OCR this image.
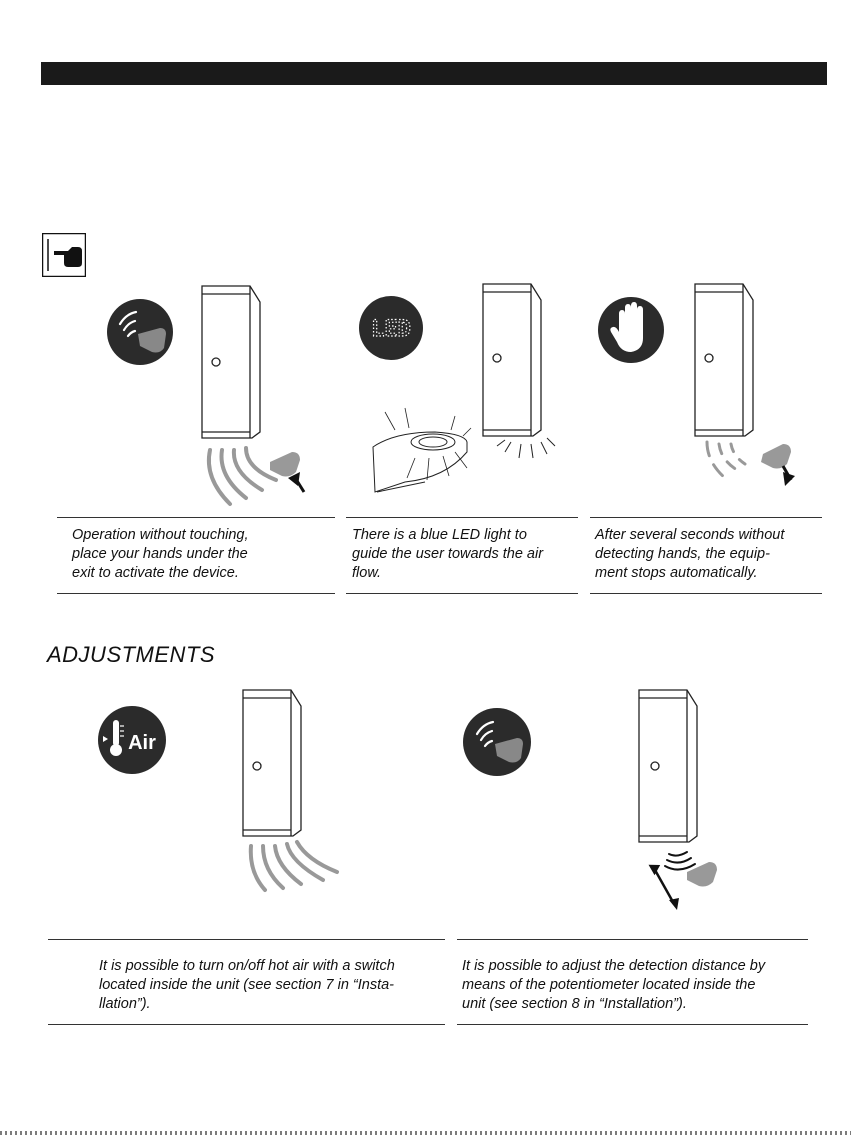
LED
Operation without touching,
place your hands under the
exit to activate the device.
There is a blue LED light to
guide the user towards the air
flow.
After several seconds without
detecting hands, the equip-
ment stops automatically.
ADJUSTMENTS
Air
It is possible to turn on/off hot air with a switch
located inside the unit (see section 7 in “Insta-
llation”).
It is possible to adjust the detection distance by
means of the potentiometer located inside the
unit (see section 8 in “Installation”).
